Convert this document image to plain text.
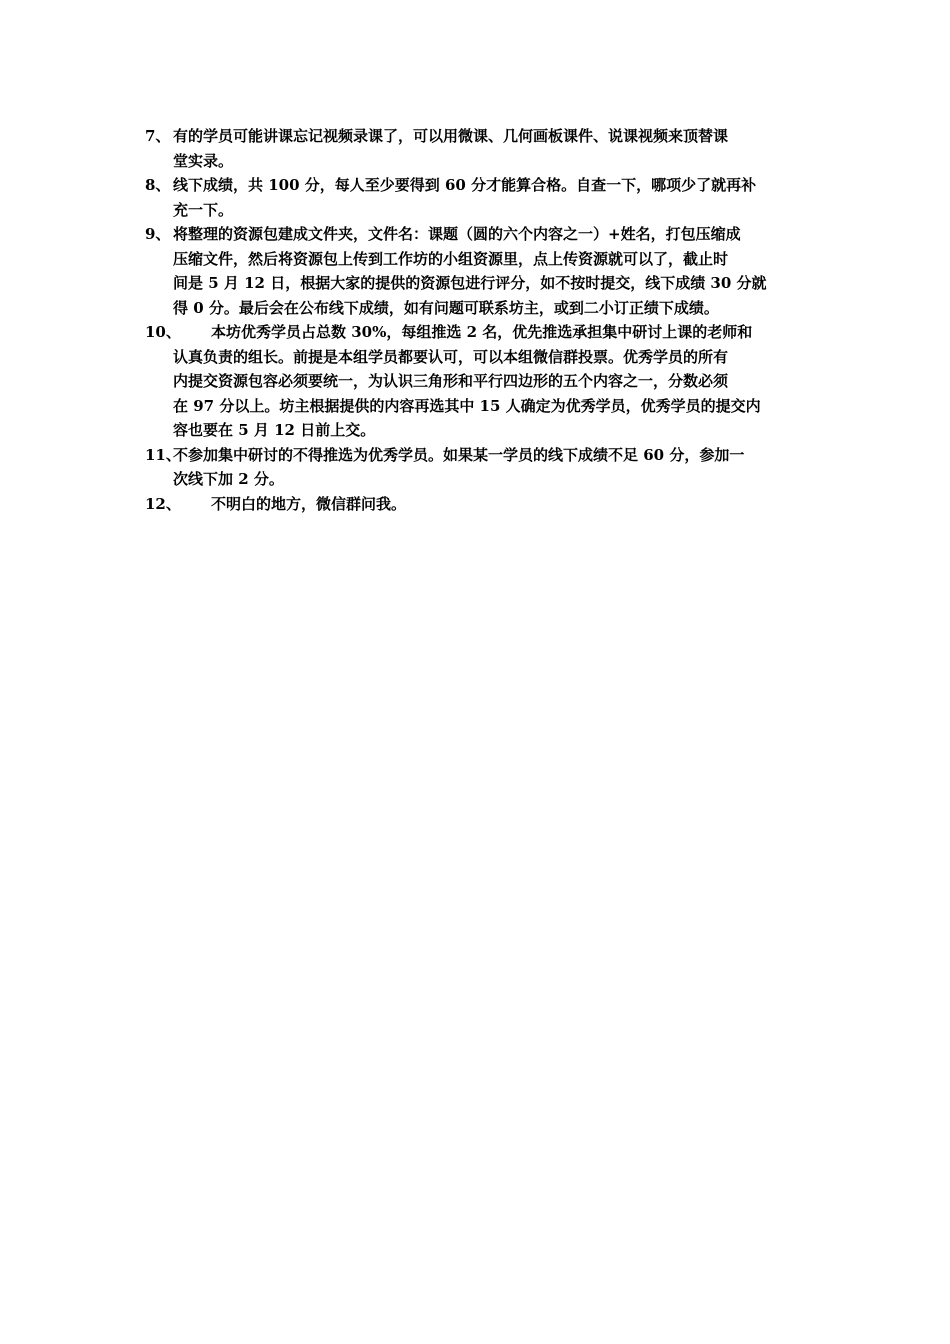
7、 有的学员可能讲课忘记视频录课了，可以用微课、几何画板课件、说课视频来顶替课
堂实录。
8、 线下成绩，共 100 分，每人至少要得到 60 分才能算合格。自查一下，哪项少了就再补
充一下。
9、 将整理的资源包建成文件夹，文件名：课题（圆的六个内容之一）+姓名，打包压缩成
压缩文件，然后将资源包上传到工作坊的小组资源里，点上传资源就可以了，截止时
间是 5 月 12 日，根据大家的提供的资源包进行评分，如不按时提交，线下成绩 30 分就
得 0 分。最后会在公布线下成绩，如有问题可联系坊主，或到二小订正绩下成绩。
10、	本坊优秀学员占总数 30%，每组推选 2 名，优先推选承担集中研讨上课的老师和
认真负责的组长。前提是本组学员都要认可，可以本组微信群投票。优秀学员的所有
内提交资源包容必须要统一，为认识三角形和平行四边形的五个内容之一，分数必须
在 97 分以上。坊主根据提供的内容再选其中 15 人确定为优秀学员，优秀学员的提交内
容也要在 5 月 12 日前上交。
11、
不参加集中研讨的不得推选为优秀学员。如果某一学员的线下成绩不足 60 分，参加一
次线下加 2 分。
12、	不明白的地方，微信群问我。
